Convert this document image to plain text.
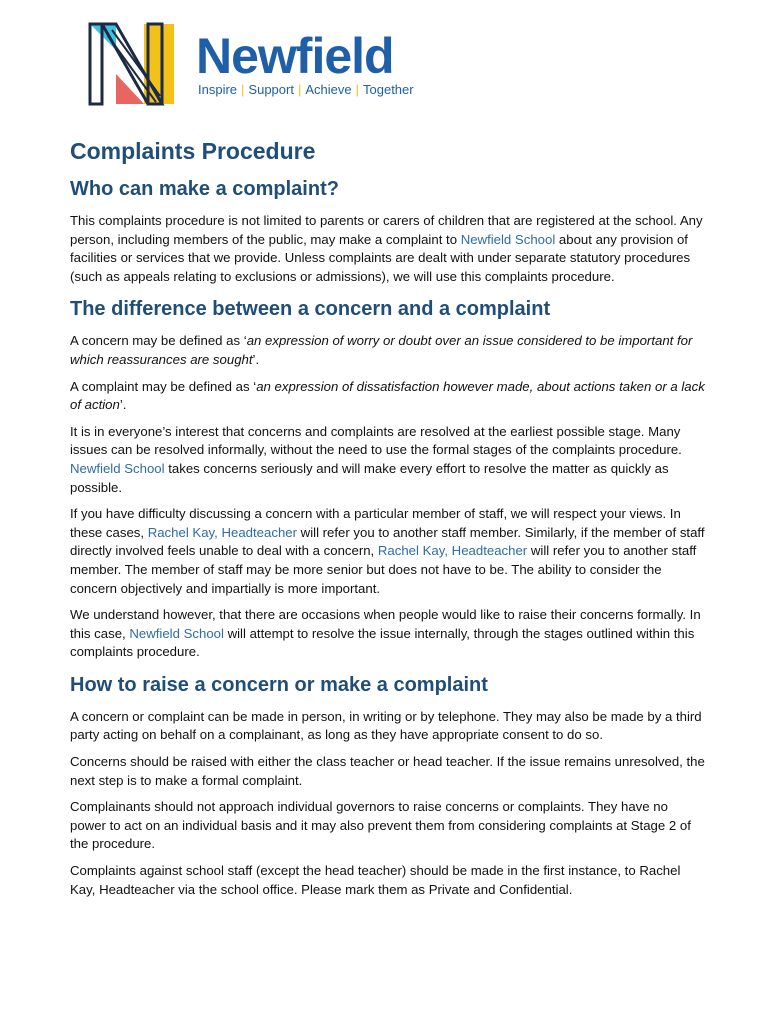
Newfield
Inspire | Support | Achieve | Together
Complaints Procedure
Who can make a complaint?

This complaints procedure is not limited to parents or carers of children that are registered at the school. Any person, including members of the public, may make a complaint to Newfield School about any provision of facilities or services that we provide. Unless complaints are dealt with under separate statutory procedures (such as appeals relating to exclusions or admissions), we will use this complaints procedure.

The difference between a concern and a complaint

A concern may be defined as ‘an expression of worry or doubt over an issue considered to be important for which reassurances are sought’.

A complaint may be defined as ‘an expression of dissatisfaction however made, about actions taken or a lack of action’.

It is in everyone’s interest that concerns and complaints are resolved at the earliest possible stage. Many issues can be resolved informally, without the need to use the formal stages of the complaints procedure. Newfield School takes concerns seriously and will make every effort to resolve the matter as quickly as possible.

If you have difficulty discussing a concern with a particular member of staff, we will respect your views. In these cases, Rachel Kay, Headteacher will refer you to another staff member. Similarly, if the member of staff directly involved feels unable to deal with a concern, Rachel Kay, Headteacher will refer you to another staff member. The member of staff may be more senior but does not have to be. The ability to consider the concern objectively and impartially is more important.

We understand however, that there are occasions when people would like to raise their concerns formally. In this case, Newfield School will attempt to resolve the issue internally, through the stages outlined within this complaints procedure.

How to raise a concern or make a complaint

A concern or complaint can be made in person, in writing or by telephone. They may also be made by a third party acting on behalf on a complainant, as long as they have appropriate consent to do so.

Concerns should be raised with either the class teacher or head teacher. If the issue remains unresolved, the next step is to make a formal complaint.

Complainants should not approach individual governors to raise concerns or complaints. They have no power to act on an individual basis and it may also prevent them from considering complaints at Stage 2 of the procedure.

Complaints against school staff (except the head teacher) should be made in the first instance, to Rachel Kay, Headteacher via the school office. Please mark them as Private and Confidential.
